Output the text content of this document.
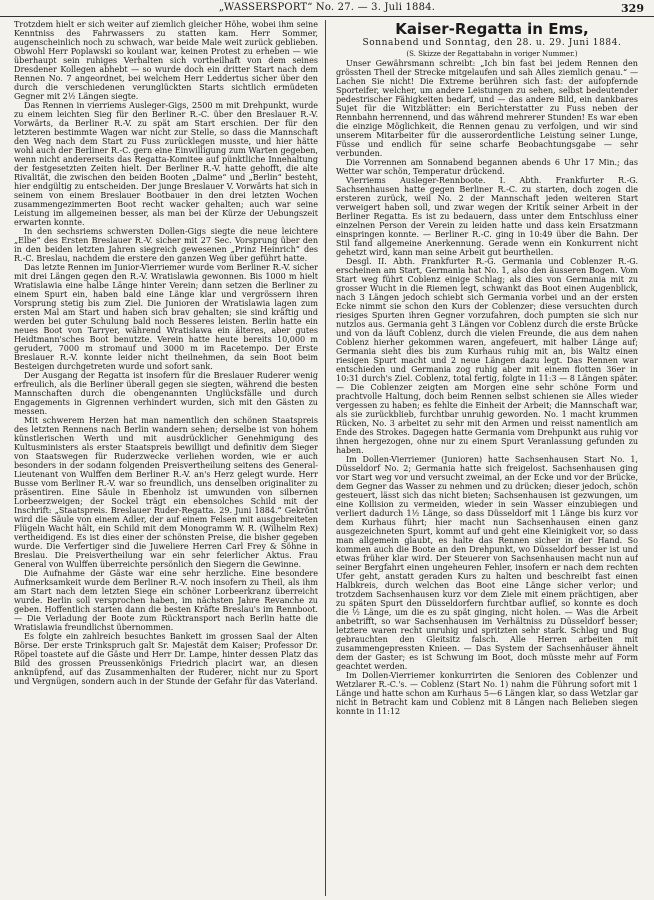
„WASSERSPORT“ No. 27. — 3. Juli 1884.	329

Trotzdem hielt er sich weiter auf ziemlich gleicher Höhe, wobei ihm seine Kenntniss des Fahrwassers zu statten kam. Herr Sommer, augenscheinlich noch zu schwach, war beide Male weit zurück geblieben. Obwohl Herr Poplawski so koulant war, keinen Protest zu erheben — wie überhaupt sein ruhiges Verhalten sich vortheilhaft von dem seines Dresdener Kollegen abhebt — so wurde doch ein dritter Start nach dem Rennen No. 7 angeordnet, bei welchem Herr Leddertus sicher über den durch die verschiedenen verunglückten Starts sichtlich ermüdeten Gegner mit 2½ Längen siegte.

Das Rennen in vierriems Ausleger-Gigs, 2500 m mit Drehpunkt, wurde zu einem leichten Sieg für den Berliner R.-C. über den Breslauer R.-V. Vorwärts, da Berliner R.-V. zu spät am Start erschien. Der für den letzteren bestimmte Wagen war nicht zur Stelle, so dass die Mannschaft den Weg nach dem Start zu Fuss zurücklegen musste, und hier hätte wohl auch der Berliner R.-C. gern eine Einwilligung zum Warten gegeben, wenn nicht andererseits das Regatta-Komitee auf pünktliche Innehaltung der festgesetzten Zeiten hielt. Der Berliner R.-V. hatte gehofft, die alte Rivalität, die zwischen den beiden Booten „Dalme“ und „Berlin“ besteht, hier endgültig zu entscheiden. Der junge Breslauer V. Vorwärts hat sich in seinem von einem Breslauer Bootbauer in den drei letzten Wochen zusammengezimmerten Boot recht wacker gehalten; auch war seine Leistung im allgemeinen besser, als man bei der Kürze der Uebungszeit erwarten konnte.

In den sechsriems schwersten Dollen-Gigs siegte die neue leichtere „Elbe“ des Ersten Breslauer R.-V. sicher mit 27 Sec. Vorsprung über den in den beiden letzten Jahren siegreich gewesenen „Prinz Heinrich“ des R.-C. Breslau, nachdem die erstere den ganzen Weg über geführt hatte.

Das letzte Rennen im Junior-Vierriemer wurde vom Berliner R.-V. sicher mit drei Längen gegen den R.-V. Wratislawia gewonnen. Bis 1000 m hielt Wratislawia eine halbe Länge hinter Verein; dann setzen die Berliner zu einem Spurt ein, haben bald eine Länge klar und vergrössern ihren Vorsprung stetig bis zum Ziel. Die Junioren der Wratislawia lagen zum ersten Mal am Start und haben sich brav gehalten; sie sind kräftig und werden bei guter Schulung bald noch Besseres leisten. Berlin hatte ein neues Boot von Tarryer, während Wratislawa ein älteres, aber gutes Heidtmann'sches Boot benutzte. Verein hatte heute bereits 10,000 m gerudert, 7000 m stromauf und 3000 m im Racetempo. Der Erste Breslauer R.-V. konnte leider nicht theilnehmen, da sein Boot beim Besteigen durchgetreten wurde und sofort sank.

Der Ausgang der Regatta ist insofern für die Breslauer Ruderer wenig erfreulich, als die Berliner überall gegen sie siegten, während die besten Mannschaften durch die obengenannten Unglücksfälle und durch Engagements in Gigrennen verhindert wurden, sich mit den Gästen zu messen.

Mit schwerem Herzen hat man namentlich den schönen Staatspreis des letzten Rennens nach Berlin wandern sehen; derselbe ist von hohem künstlerischen Werth und mit ausdrücklicher Genehmigung des Kultusministers als erster Staatspreis bewilligt und definitiv dem Sieger von Staatswegen für Ruderzwecke verliehen worden, wie er auch besonders in der sodann folgenden Preisvertheilung seitens des General-Lieutenant von Wulffen dem Berliner R.-V. an's Herz gelegt wurde. Herr Busse vom Berliner R.-V. war so freundlich, uns denselben originaliter zu präsentiren. Eine Säule in Ebenholz ist umwunden von silbernen Lorbeerzweigen; der Sockel trägt ein ebensolches Schild mit der Inschrift: „Staatspreis. Breslauer Ruder-Regatta. 29. Juni 1884.“ Gekrönt wird die Säule von einem Adler, der auf einem Felsen mit ausgebreiteten Flügeln Wacht hält, ein Schild mit dem Monogramm W. R. (Wilhelm Rex) vertheidigend. Es ist dies einer der schönsten Preise, die bisher gegeben wurde. Die Verfertiger sind die Juweliere Herren Carl Frey & Söhne in Breslau. Die Preisvertheilung war ein sehr feierlicher Aktus. Frau General von Wulffen überreichte persönlich den Siegern die Gewinne.

Die Aufnahme der Gäste war eine sehr herzliche. Eine besondere Aufmerksamkeit wurde dem Berliner R.-V. noch insofern zu Theil, als ihm am Start nach dem letzten Siege ein schöner Lorbeerkranz überreicht wurde. Berlin soll versprochen haben, im nächsten Jahre Revanche zu geben. Hoffentlich starten dann die besten Kräfte Breslau's im Rennboot. — Die Verladung der Boote zum Rücktransport nach Berlin hatte die Wratislawia freundlichst übernommen.

Es folgte ein zahlreich besuchtes Bankett im grossen Saal der Alten Börse. Der erste Trinkspruch galt Sr. Majestät dem Kaiser; Professor Dr. Röpel toastete auf die Gäste und Herr Dr. Lampe, hinter dessen Platz das Bild des grossen Preussenkönigs Friedrich placirt war, an diesen anknüpfend, auf das Zusammenhalten der Ruderer, nicht nur zu Sport und Vergnügen, sondern auch in der Stunde der Gefahr für das Vaterland.

Kaiser-Regatta in Ems,

Sonnabend und Sonntag, den 28. u. 29. Juni 1884.

(S. Skizze der Regattabahn in voriger Nummer.)

Unser Gewährsmann schreibt: „Ich bin fast bei jedem Rennen den grössten Theil der Strecke mitgelaufen und sah Alles ziemlich genau.“ — Lachen Sie nicht! Die Extreme berühren sich fast: der aufopfernde Sporteifer, welcher, um andere Leistungen zu sehen, selbst bedeutender pedestrischer Fähigkeiten bedarf, und — das andere Bild, ein dankbares Sujet für die Witzblätter: ein Berichterstatter zu Fuss neben der Rennbahn herrennend, und das während mehrerer Stunden! Es war eben die einzige Möglichkeit, die Rennen genau zu verfolgen, und wir sind unserem Mitarbeiter für die ausserordentliche Leistung seiner Lunge, Füsse und endlich für seine scharfe Beobachtungsgabe — sehr verbunden.

Die Vorrennen am Sonnabend begannen abends 6 Uhr 17 Min.; das Wetter war schön, Temperatur drückend.

Vierriems Ausleger-Rennboote. I. Abth. Frankfurter R.-G. Sachsenhausen hatte gegen Berliner R.-C. zu starten, doch zogen die ersteren zurück, weil No. 2 der Mannschaft jeden weiteren Start verweigert haben soll, und zwar wegen der Kritik seiner Arbeit in der Berliner Regatta. Es ist zu bedauern, dass unter dem Entschluss einer einzelnen Person der Verein zu leiden hatte und dass kein Ersatzmann einspringen konnte. — Berliner R.-C. ging in 10:49 über die Bahn. Der Stil fand allgemeine Anerkennung. Gerade wenn ein Konkurrent nicht gehetzt wird, kann man seine Arbeit gut beurtheilen.

Desgl. II. Abth. Frankfurter R.-G. Germania und Coblenzer R.-G. erscheinen am Start, Germania hat No. 1, also den äusseren Bogen. Vom Start weg führt Coblenz einige Schlag; als dies von Germania mit zu grosser Wucht in die Riemen legt, schwankt das Boot einen Augenblick, nach 3 Längen jedoch schiebt sich Germania vorbei und an der ersten Ecke nimmt sie schon den Kurs der Coblenzer; diese versuchten durch riesiges Spurten ihren Gegner vorzufahren, doch pumpten sie sich nur nutzlos aus. Germania geht 3 Längen vor Coblenz durch die erste Brücke und von da läuft Coblenz, durch die vielen Freunde, die aus dem nahen Coblenz hierher gekommen waren, angefeuert, mit halber Länge auf; Germania sieht dies bis zum Kurhaus ruhig mit an, bis Waltz einen riesigen Spurt macht und 2 neue Längen dazu legt. Das Rennen war entschieden und Germania zog ruhig aber mit einem flotten 36er in 10:31 durch's Ziel. Coblenz, total fertig, folgte in 11:3 — 8 Längen später. — Die Coblenzer zeigten am Morgen eine sehr schöne Form und prachtvolle Haltung, doch beim Rennen selbst schienen sie Alles wieder vergessen zu haben; es fehlte die Einheit der Arbeit; die Mannschaft war, als sie zurückblieb, furchtbar unruhig geworden. No. 1 macht krummen Rücken, No. 3 arbeitet zu sehr mit den Armen und reisst namentlich am Ende des Strokes. Dagegen hatte Germania vom Drehpunkt aus ruhig vor ihnen hergezogen, ohne nur zu einem Spurt Veranlassung gefunden zu haben.

Im Dollen-Vierriemer (Junioren) hatte Sachsenhausen Start No. 1, Düsseldorf No. 2; Germania hatte sich freigelost. Sachsenhausen ging vor Start weg vor und versucht zweimal, an der Ecke und vor der Brücke, dem Gegner das Wasser zu nehmen und zu drücken; dieser jedoch, schön gesteuert, lässt sich das nicht bieten; Sachsenhausen ist gezwungen, um eine Kollision zu vermeiden, wieder in sein Wasser einzubiegen und verliert dadurch 1½ Länge, so dass Düsseldorf mit 1 Länge bis kurz vor dem Kurhaus führt; hier macht nun Sachsenhausen einen ganz ausgezeichneten Spurt, kommt auf und geht eine Kleinigkeit vor, so dass man allgemein glaubt, es halte das Rennen sicher in der Hand. So kommen auch die Boote an den Drehpunkt, wo Düsseldorf besser ist und etwas früher klar wird. Der Steuerer von Sachsenhausen macht nun auf seiner Bergfahrt einen ungeheuren Fehler, insofern er nach dem rechten Ufer geht, anstatt geraden Kurs zu halten und beschreibt fast einen Halbkreis, durch welchen das Boot eine Länge sicher verlor; und trotzdem Sachsenhausen kurz vor dem Ziele mit einem prächtigen, aber zu späten Spurt den Düsseldorfern furchtbar auflief, so konnte es doch die ½ Länge, um die es zu spät ginging, nicht holen. — Was die Arbeit anbetrifft, so war Sachsenhausen im Verhältniss zu Düsseldorf besser; letztere waren recht unruhig und spritzten sehr stark. Schlag und Bug gebrauchten den Gleitsitz falsch. Alle Herren arbeiten mit zusammengepressten Knieen. — Das System der Sachsenhäuser ähnelt dem der Gaster; es ist Schwung im Boot, doch müsste mehr auf Form geachtet werden.

Im Dollen-Vierriemer konkurrirten die Senioren des Coblenzer und Wetzlarer R.-C.'s. — Coblenz (Start No. 1) nahm die Führung sofort mit 1 Länge und hatte schon am Kurhaus 5—6 Längen klar, so dass Wetzlar gar nicht in Betracht kam und Coblenz mit 8 Längen nach Belieben siegen konnte in 11:12
